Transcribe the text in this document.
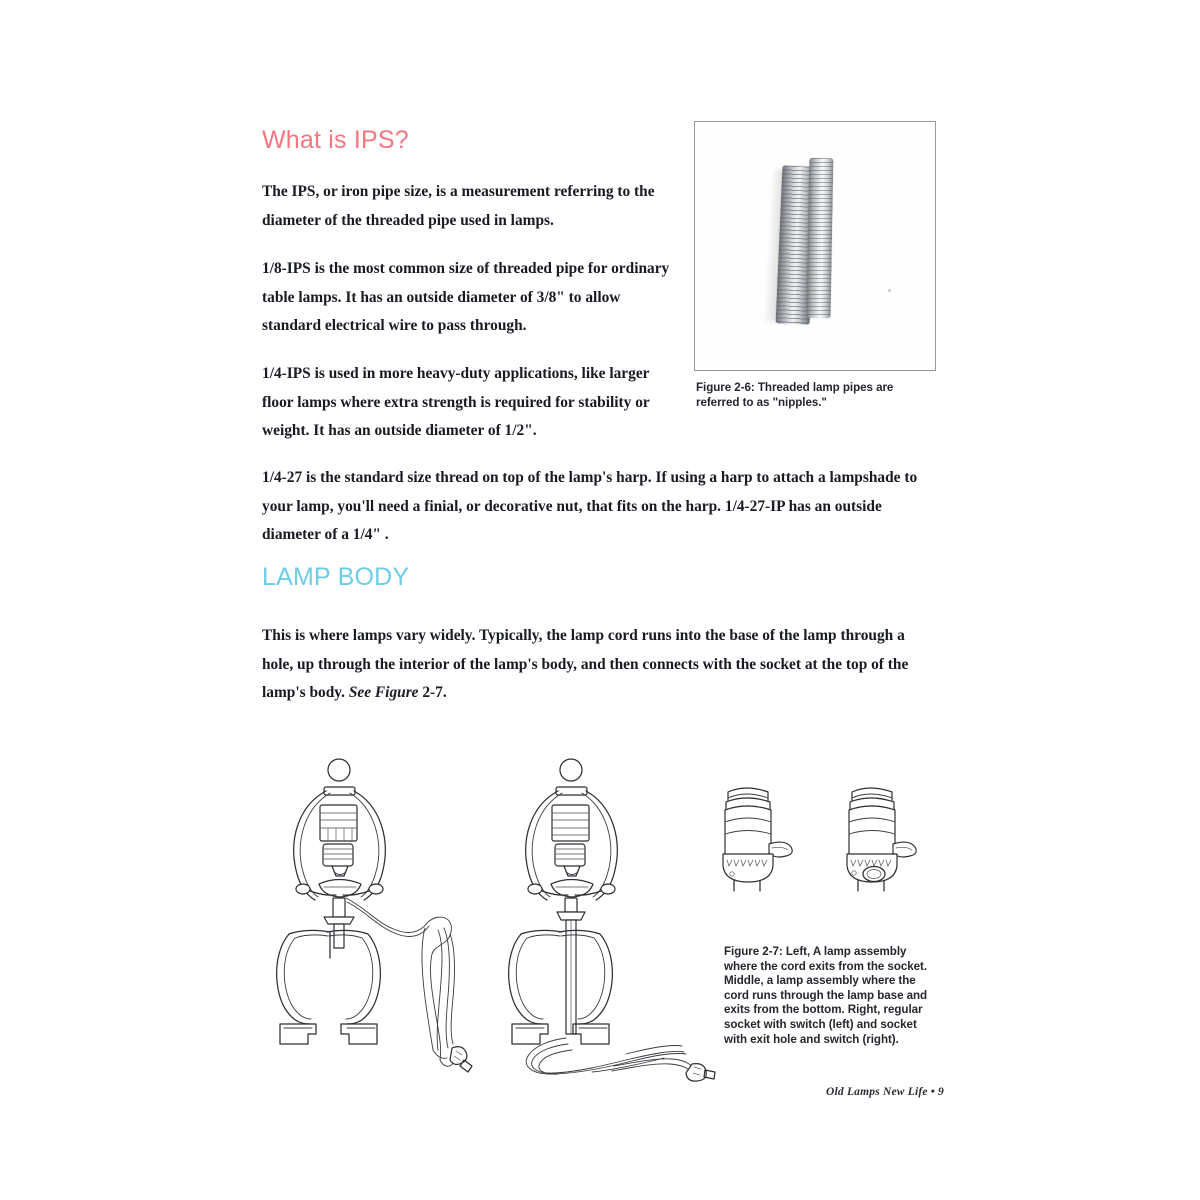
What is IPS?

The IPS, or iron pipe size, is a measurement referring to the diameter of the threaded pipe used in lamps.

1/8-IPS is the most common size of threaded pipe for ordinary table lamps. It has an outside diameter of 3/8" to allow standard electrical wire to pass through.

1/4-IPS is used in more heavy-duty applications, like larger floor lamps where extra strength is required for stability or weight. It has an outside diameter of 1/2".

1/4-27 is the standard size thread on top of the lamp's harp. If using a harp to attach a lampshade to your lamp, you'll need a finial, or decorative nut, that fits on the harp. 1/4-27-IP has an outside diameter of a 1/4" .

Figure 2-6: Threaded lamp pipes are referred to as "nipples."

LAMP BODY

This is where lamps vary widely. Typically, the lamp cord runs into the base of the lamp through a hole, up through the interior of the lamp's body, and then connects with the socket at the top of the lamp's body. See Figure 2-7.

Figure 2-7: Left, A lamp assembly where the cord exits from the socket. Middle, a lamp assembly where the cord runs through the lamp base and exits from the bottom. Right, regular socket with switch (left) and socket with exit hole and switch (right).

Old Lamps New Life • 9
